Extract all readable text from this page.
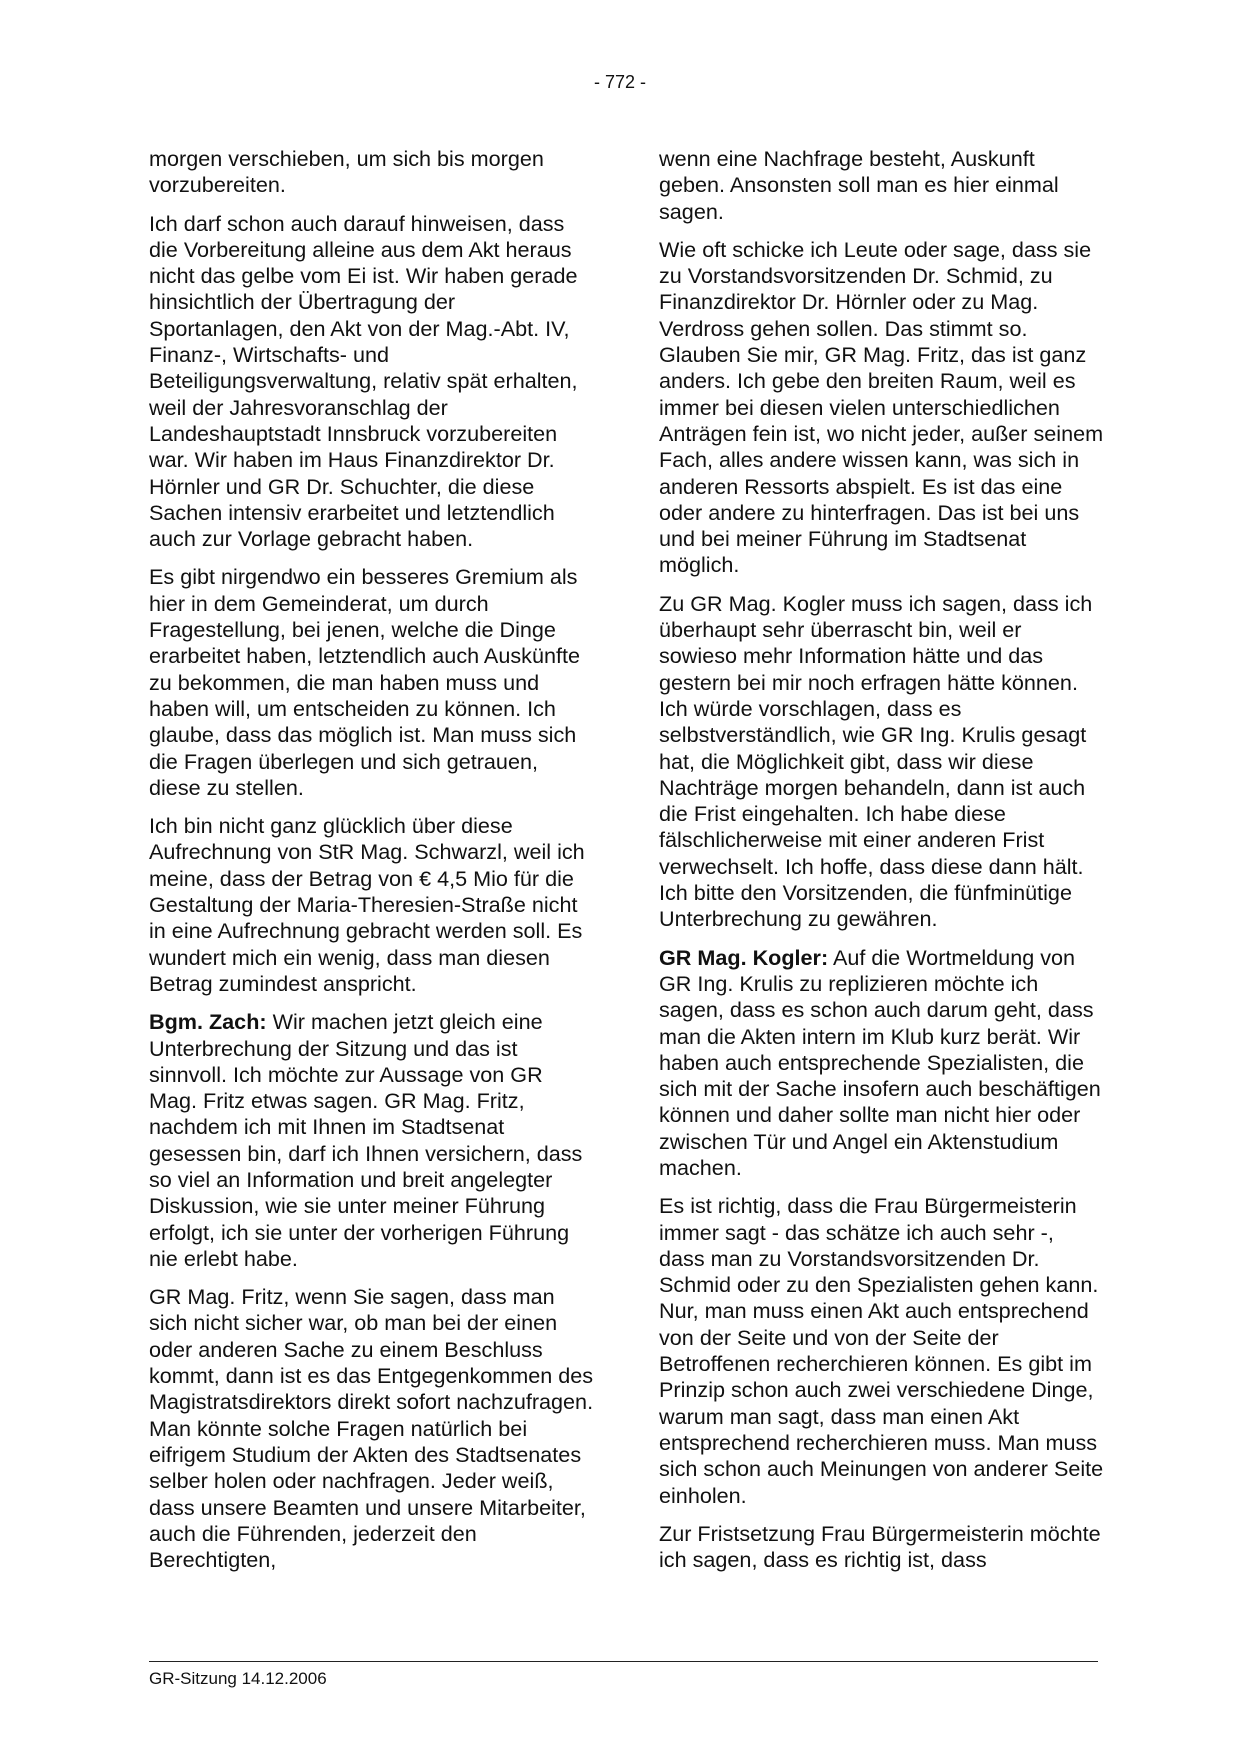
- 772 -

morgen verschieben, um sich bis morgen vorzubereiten.

Ich darf schon auch darauf hinweisen, dass die Vorbereitung alleine aus dem Akt heraus nicht das gelbe vom Ei ist. Wir haben gerade hinsichtlich der Übertragung der Sportanlagen, den Akt von der Mag.-Abt. IV, Finanz-, Wirtschafts- und Beteiligungsverwaltung, relativ spät erhalten, weil der Jahresvoranschlag der Landeshauptstadt Innsbruck vorzubereiten war. Wir haben im Haus Finanzdirektor Dr. Hörnler und GR Dr. Schuchter, die diese Sachen intensiv erarbeitet und letztendlich auch zur Vorlage gebracht haben.

Es gibt nirgendwo ein besseres Gremium als hier in dem Gemeinderat, um durch Fragestellung, bei jenen, welche die Dinge erarbeitet haben, letztendlich auch Auskünfte zu bekommen, die man haben muss und haben will, um entscheiden zu können. Ich glaube, dass das möglich ist. Man muss sich die Fragen überlegen und sich getrauen, diese zu stellen.

Ich bin nicht ganz glücklich über diese Aufrechnung von StR Mag. Schwarzl, weil ich meine, dass der Betrag von € 4,5 Mio für die Gestaltung der Maria-Theresien-Straße nicht in eine Aufrechnung gebracht werden soll. Es wundert mich ein wenig, dass man diesen Betrag zumindest anspricht.

Bgm. Zach: Wir machen jetzt gleich eine Unterbrechung der Sitzung und das ist sinnvoll. Ich möchte zur Aussage von GR Mag. Fritz etwas sagen. GR Mag. Fritz, nachdem ich mit Ihnen im Stadtsenat gesessen bin, darf ich Ihnen versichern, dass so viel an Information und breit angelegter Diskussion, wie sie unter meiner Führung erfolgt, ich sie unter der vorherigen Führung nie erlebt habe.

GR Mag. Fritz, wenn Sie sagen, dass man sich nicht sicher war, ob man bei der einen oder anderen Sache zu einem Beschluss kommt, dann ist es das Entgegenkommen des Magistratsdirektors direkt sofort nachzufragen. Man könnte solche Fragen natürlich bei eifrigem Studium der Akten des Stadtsenates selber holen oder nachfragen. Jeder weiß, dass unsere Beamten und unsere Mitarbeiter, auch die Führenden, jederzeit den Berechtigten,

wenn eine Nachfrage besteht, Auskunft geben. Ansonsten soll man es hier einmal sagen.

Wie oft schicke ich Leute oder sage, dass sie zu Vorstandsvorsitzenden Dr. Schmid, zu Finanzdirektor Dr. Hörnler oder zu Mag. Verdross gehen sollen. Das stimmt so. Glauben Sie mir, GR Mag. Fritz, das ist ganz anders. Ich gebe den breiten Raum, weil es immer bei diesen vielen unterschiedlichen Anträgen fein ist, wo nicht jeder, außer seinem Fach, alles andere wissen kann, was sich in anderen Ressorts abspielt. Es ist das eine oder andere zu hinterfragen. Das ist bei uns und bei meiner Führung im Stadtsenat möglich.

Zu GR Mag. Kogler muss ich sagen, dass ich überhaupt sehr überrascht bin, weil er sowieso mehr Information hätte und das gestern bei mir noch erfragen hätte können. Ich würde vorschlagen, dass es selbstverständlich, wie GR Ing. Krulis gesagt hat, die Möglichkeit gibt, dass wir diese Nachträge morgen behandeln, dann ist auch die Frist eingehalten. Ich habe diese fälschlicherweise mit einer anderen Frist verwechselt. Ich hoffe, dass diese dann hält. Ich bitte den Vorsitzenden, die fünfminütige Unterbrechung zu gewähren.

GR Mag. Kogler: Auf die Wortmeldung von GR Ing. Krulis zu replizieren möchte ich sagen, dass es schon auch darum geht, dass man die Akten intern im Klub kurz berät. Wir haben auch entsprechende Spezialisten, die sich mit der Sache insofern auch beschäftigen können und daher sollte man nicht hier oder zwischen Tür und Angel ein Aktenstudium machen.

Es ist richtig, dass die Frau Bürgermeisterin immer sagt - das schätze ich auch sehr -, dass man zu Vorstandsvorsitzenden Dr. Schmid oder zu den Spezialisten gehen kann. Nur, man muss einen Akt auch entsprechend von der Seite und von der Seite der Betroffenen recherchieren können. Es gibt im Prinzip schon auch zwei verschiedene Dinge, warum man sagt, dass man einen Akt entsprechend recherchieren muss. Man muss sich schon auch Meinungen von anderer Seite einholen.

Zur Fristsetzung Frau Bürgermeisterin möchte ich sagen, dass es richtig ist, dass

GR-Sitzung 14.12.2006
